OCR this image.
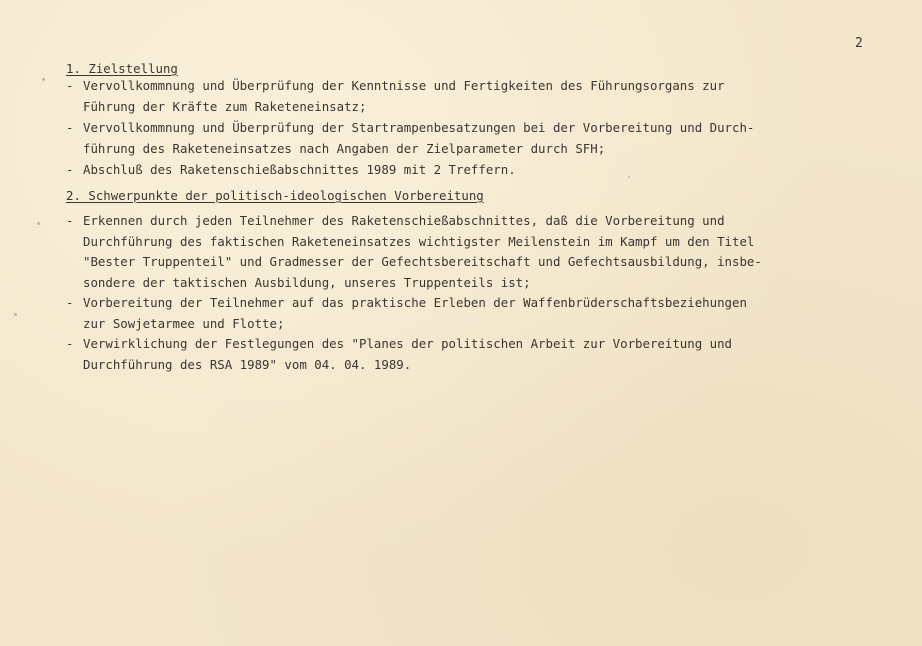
2
1. Zielstellung
- Vervollkommnung und Überprüfung der Kenntnisse und Fertigkeiten des Führungsorgans zur
Führung der Kräfte zum Raketeneinsatz;
- Vervollkommnung und Überprüfung der Startrampenbesatzungen bei der Vorbereitung und Durch-
führung des Raketeneinsatzes nach Angaben der Zielparameter durch SFH;
- Abschluß des Raketenschießabschnittes 1989 mit 2 Treffern.
2. Schwerpunkte der politisch-ideologischen Vorbereitung
- Erkennen durch jeden Teilnehmer des Raketenschießabschnittes, daß die Vorbereitung und
Durchführung des faktischen Raketeneinsatzes wichtigster Meilenstein im Kampf um den Titel
"Bester Truppenteil" und Gradmesser der Gefechtsbereitschaft und Gefechtsausbildung, insbe-
sondere der taktischen Ausbildung, unseres Truppenteils ist;
- Vorbereitung der Teilnehmer auf das praktische Erleben der Waffenbrüderschaftsbeziehungen
zur Sowjetarmee und Flotte;
- Verwirklichung der Festlegungen des "Planes der politischen Arbeit zur Vorbereitung und
Durchführung des RSA 1989" vom 04. 04. 1989.
